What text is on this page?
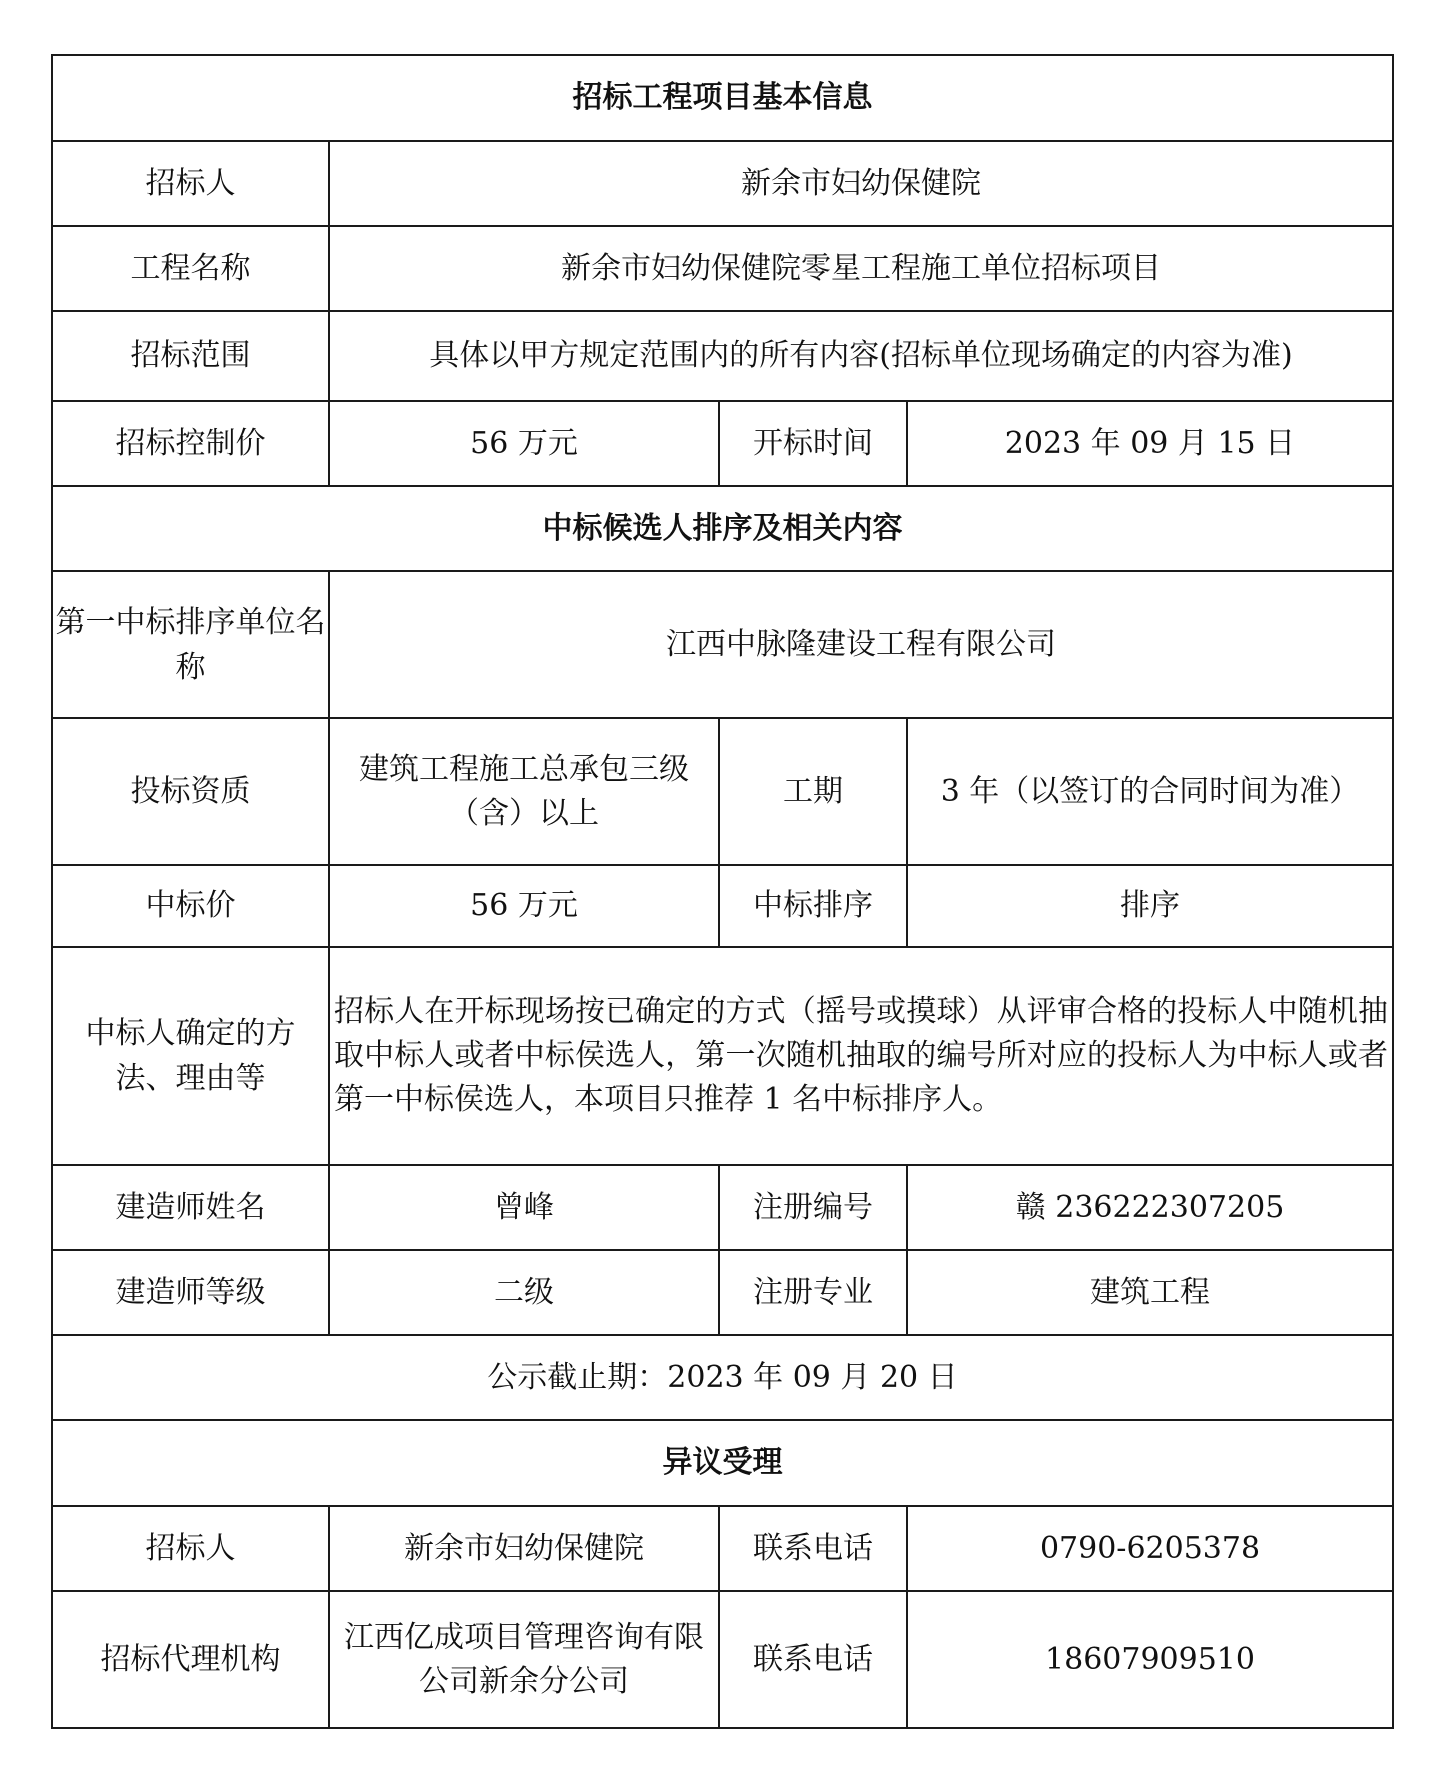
招标工程项目基本信息			
招标人	新余市妇幼保健院		
工程名称	新余市妇幼保健院零星工程施工单位招标项目		
招标范围	具体以甲方规定范围内的所有内容(招标单位现场确定的内容为准)		
招标控制价	56 万元	开标时间	2023 年 09 月 15 日
中标候选人排序及相关内容			
第一中标排序单位名称	江西中脉隆建设工程有限公司		
投标资质	建筑工程施工总承包三级（含）以上	工期	3 年（以签订的合同时间为准）
中标价	56 万元	中标排序	排序
中标人确定的方法、理由等	招标人在开标现场按已确定的方式（摇号或摸球）从评审合格的投标人中随机抽取中标人或者中标侯选人，第一次随机抽取的编号所对应的投标人为中标人或者第一中标侯选人，本项目只推荐 1 名中标排序人。		
建造师姓名	曾峰	注册编号	赣 236222307205
建造师等级	二级	注册专业	建筑工程
公示截止期：2023 年 09 月 20 日			
异议受理			
招标人	新余市妇幼保健院	联系电话	0790-6205378
招标代理机构	江西亿成项目管理咨询有限公司新余分公司	联系电话	18607909510
